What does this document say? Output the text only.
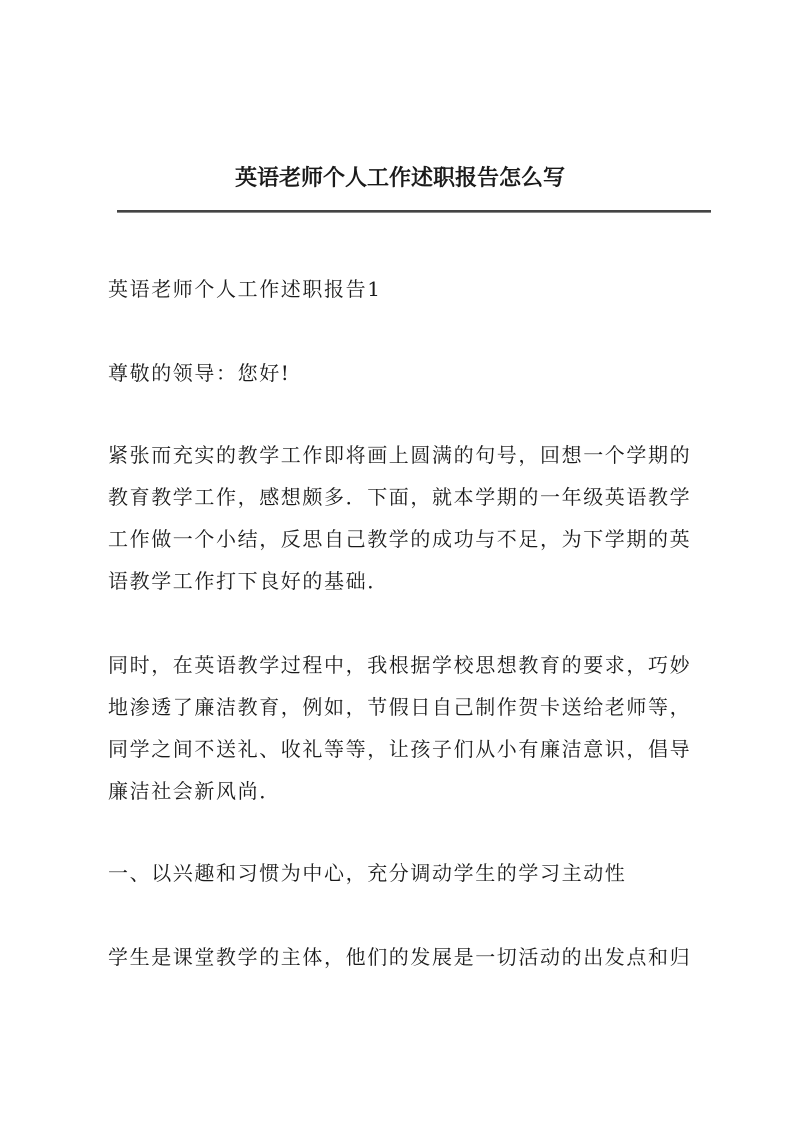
英语老师个人工作述职报告怎么写

英语老师个人工作述职报告1

尊敬的领导：您好!

紧张而充实的教学工作即将画上圆满的句号，回想一个学期的教育教学工作，感想颇多．下面，就本学期的一年级英语教学工作做一个小结，反思自己教学的成功与不足，为下学期的英语教学工作打下良好的基础．

同时，在英语教学过程中，我根据学校思想教育的要求，巧妙地渗透了廉洁教育，例如，节假日自己制作贺卡送给老师等，同学之间不送礼、收礼等等，让孩子们从小有廉洁意识，倡导廉洁社会新风尚．

一、以兴趣和习惯为中心，充分调动学生的学习主动性

学生是课堂教学的主体，他们的发展是一切活动的出发点和归
